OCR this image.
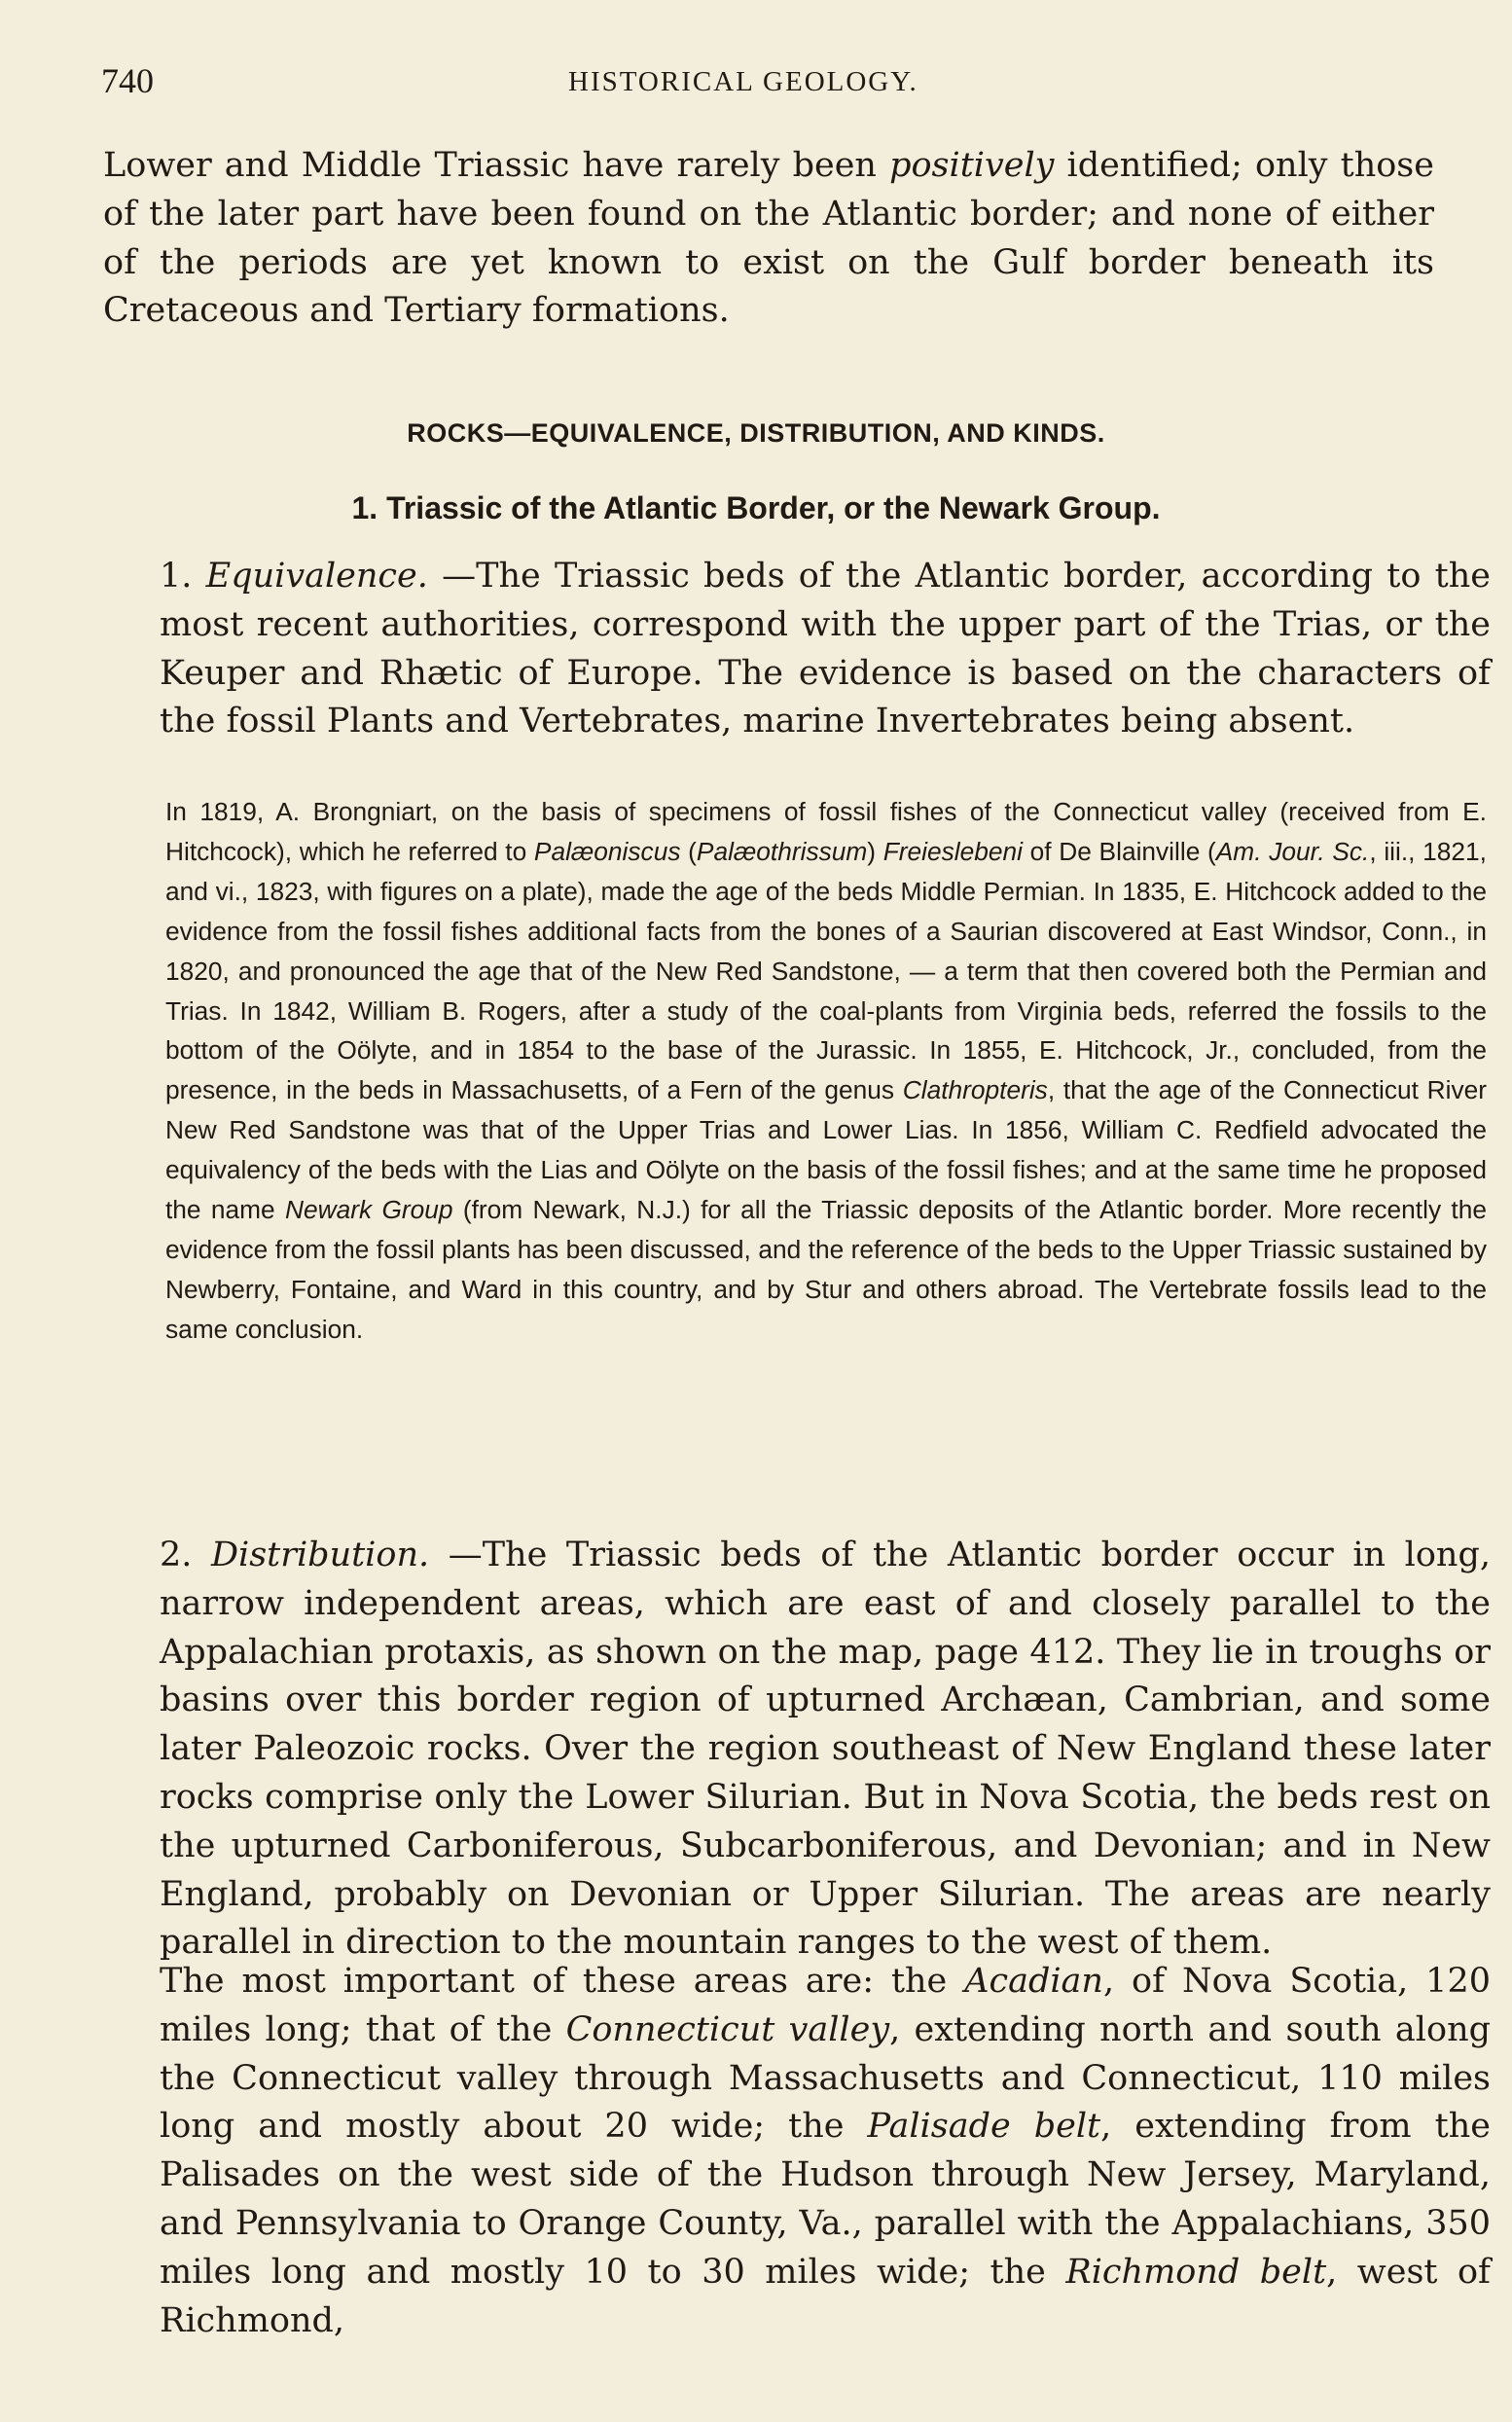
740	HISTORICAL GEOLOGY.

Lower and Middle Triassic have rarely been positively identified; only those of the later part have been found on the Atlantic border; and none of either of the periods are yet known to exist on the Gulf border beneath its Cretaceous and Tertiary formations.

ROCKS—EQUIVALENCE, DISTRIBUTION, AND KINDS.
1. Triassic of the Atlantic Border, or the Newark Group.

1. Equivalence. —The Triassic beds of the Atlantic border, according to the most recent authorities, correspond with the upper part of the Trias, or the Keuper and Rhætic of Europe. The evidence is based on the characters of the fossil Plants and Vertebrates, marine Invertebrates being absent.

In 1819, A. Brongniart, on the basis of specimens of fossil fishes of the Connecticut valley (received from E. Hitchcock), which he referred to Palæoniscus (Palæothrissum) Freieslebeni of De Blainville (Am. Jour. Sc., iii., 1821, and vi., 1823, with figures on a plate), made the age of the beds Middle Permian. In 1835, E. Hitchcock added to the evidence from the fossil fishes additional facts from the bones of a Saurian discovered at East Windsor, Conn., in 1820, and pronounced the age that of the New Red Sandstone, — a term that then covered both the Permian and Trias. In 1842, William B. Rogers, after a study of the coal-plants from Virginia beds, referred the fossils to the bottom of the Oölyte, and in 1854 to the base of the Jurassic. In 1855, E. Hitchcock, Jr., concluded, from the presence, in the beds in Massachusetts, of a Fern of the genus Clathropteris, that the age of the Connecticut River New Red Sandstone was that of the Upper Trias and Lower Lias. In 1856, William C. Redfield advocated the equivalency of the beds with the Lias and Oölyte on the basis of the fossil fishes; and at the same time he proposed the name Newark Group (from Newark, N.J.) for all the Triassic deposits of the Atlantic border. More recently the evidence from the fossil plants has been discussed, and the reference of the beds to the Upper Triassic sustained by Newberry, Fontaine, and Ward in this country, and by Stur and others abroad. The Vertebrate fossils lead to the same conclusion.

2. Distribution. —The Triassic beds of the Atlantic border occur in long, narrow independent areas, which are east of and closely parallel to the Appalachian protaxis, as shown on the map, page 412. They lie in troughs or basins over this border region of upturned Archæan, Cambrian, and some later Paleozoic rocks. Over the region southeast of New England these later rocks comprise only the Lower Silurian. But in Nova Scotia, the beds rest on the upturned Carboniferous, Subcarboniferous, and Devonian; and in New England, probably on Devonian or Upper Silurian. The areas are nearly parallel in direction to the mountain ranges to the west of them.

The most important of these areas are: the Acadian, of Nova Scotia, 120 miles long; that of the Connecticut valley, extending north and south along the Connecticut valley through Massachusetts and Connecticut, 110 miles long and mostly about 20 wide; the Palisade belt, extending from the Palisades on the west side of the Hudson through New Jersey, Maryland, and Pennsylvania to Orange County, Va., parallel with the Appalachians, 350 miles long and mostly 10 to 30 miles wide; the Richmond belt, west of Richmond,
